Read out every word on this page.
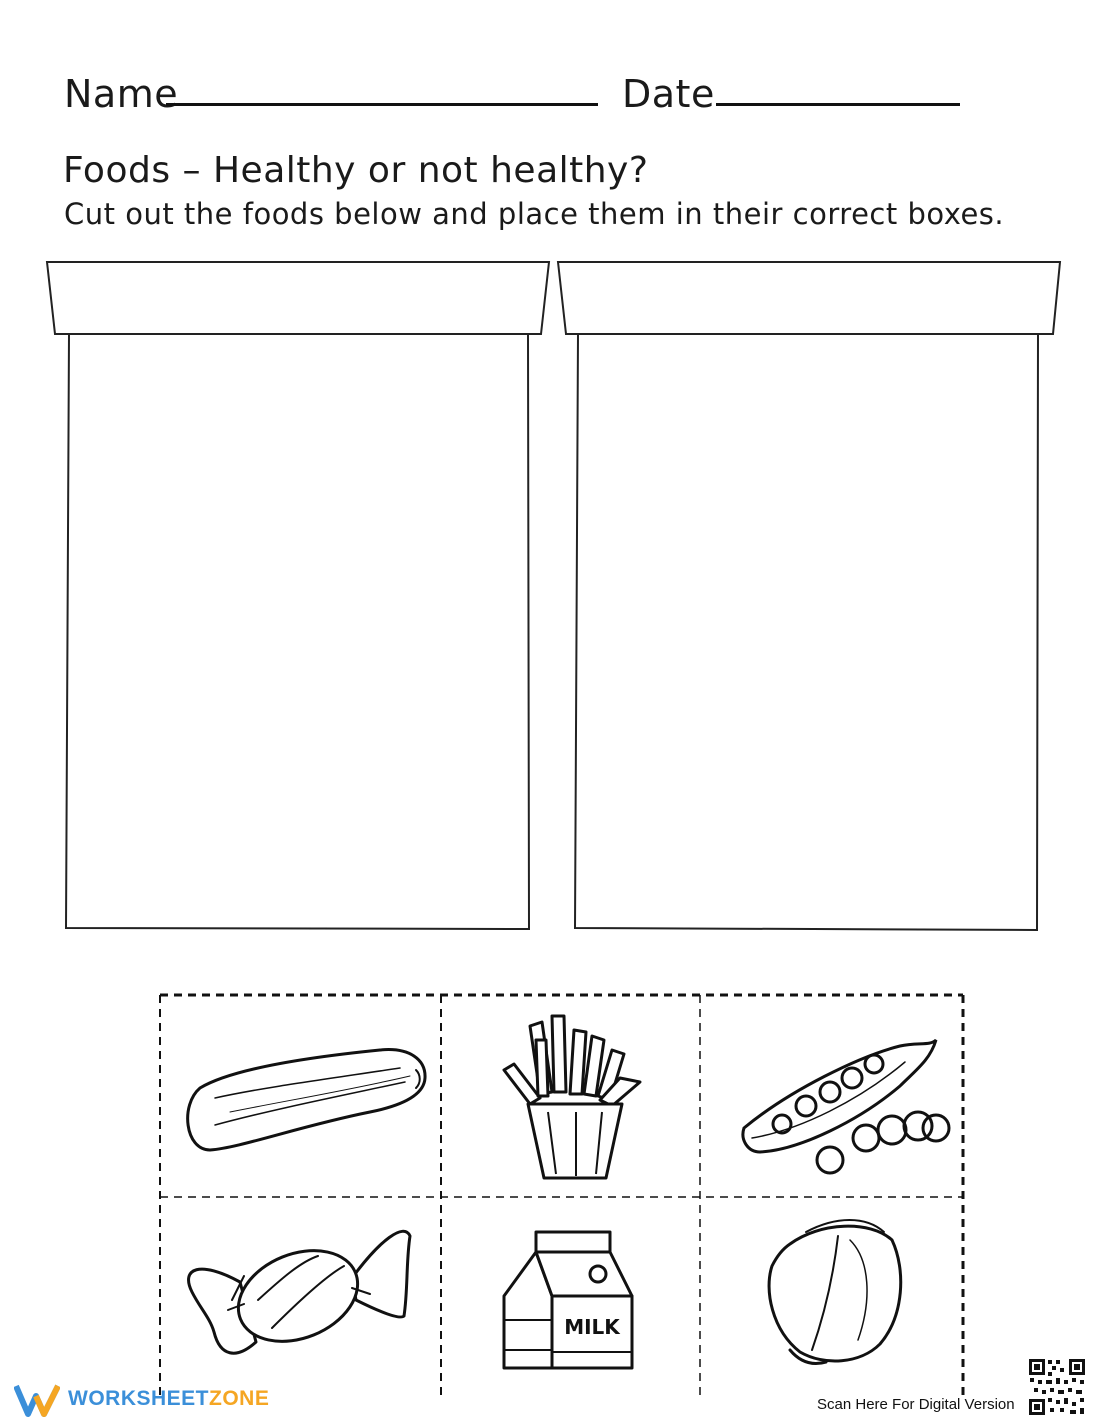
Name	Date
Foods – Healthy or not healthy?
Cut out the foods below and place them in their correct boxes.
MILK
WORKSHEETZONE	Scan Here For Digital Version
